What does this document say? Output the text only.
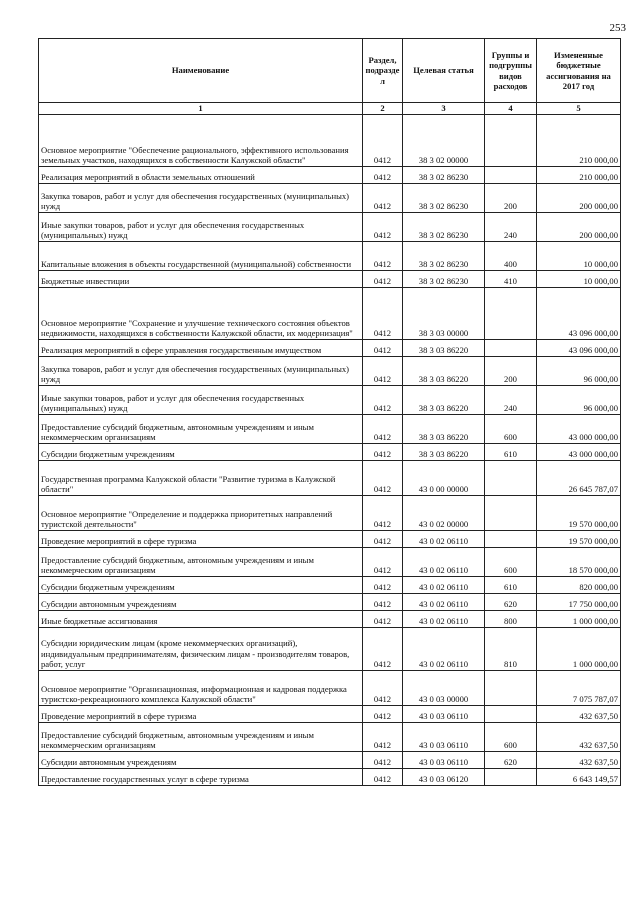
253
Наименование	Раздел, подразде л	Целевая статья	Группы и подгруппы видов расходов	Измененные бюджетные ассигнования на 2017 год
1	2	3	4	5
Основное мероприятие "Обеспечение рационального, эффективного использования земельных участков, находящихся в собственности Калужской области"	0412	38 3 02 00000		210 000,00
Реализация мероприятий в области земельных отношений	0412	38 3 02 86230		210 000,00
Закупка товаров, работ и услуг для обеспечения государственных (муниципальных) нужд	0412	38 3 02 86230	200	200 000,00
Иные закупки товаров, работ и услуг для обеспечения государственных (муниципальных) нужд	0412	38 3 02 86230	240	200 000,00
Капитальные вложения в объекты государственной (муниципальной) собственности	0412	38 3 02 86230	400	10 000,00
Бюджетные инвестиции	0412	38 3 02 86230	410	10 000,00
Основное мероприятие "Сохранение и улучшение технического состояния объектов недвижимости, находящихся в собственности Калужской области, их модернизация"	0412	38 3 03 00000		43 096 000,00
Реализация мероприятий в сфере управления государственным имуществом	0412	38 3 03 86220		43 096 000,00
Закупка товаров, работ и услуг для обеспечения государственных (муниципальных) нужд	0412	38 3 03 86220	200	96 000,00
Иные закупки товаров, работ и услуг для обеспечения государственных (муниципальных) нужд	0412	38 3 03 86220	240	96 000,00
Предоставление субсидий бюджетным, автономным учреждениям и иным некоммерческим организациям	0412	38 3 03 86220	600	43 000 000,00
Субсидии бюджетным учреждениям	0412	38 3 03 86220	610	43 000 000,00
Государственная программа Калужской области "Развитие туризма в Калужской области"	0412	43 0 00 00000		26 645 787,07
Основное мероприятие "Определение и поддержка приоритетных направлений туристской деятельности"	0412	43 0 02 00000		19 570 000,00
Проведение мероприятий в сфере туризма	0412	43 0 02 06110		19 570 000,00
Предоставление субсидий бюджетным, автономным учреждениям и иным некоммерческим организациям	0412	43 0 02 06110	600	18 570 000,00
Субсидии бюджетным учреждениям	0412	43 0 02 06110	610	820 000,00
Субсидии автономным учреждениям	0412	43 0 02 06110	620	17 750 000,00
Иные бюджетные ассигнования	0412	43 0 02 06110	800	1 000 000,00
Субсидии юридическим лицам (кроме некоммерческих организаций), индивидуальным предпринимателям, физическим лицам - производителям товаров, работ, услуг	0412	43 0 02 06110	810	1 000 000,00
Основное мероприятие "Организационная, информационная и кадровая поддержка туристско-рекреационного комплекса Калужской области"	0412	43 0 03 00000		7 075 787,07
Проведение мероприятий в сфере туризма	0412	43 0 03 06110		432 637,50
Предоставление субсидий бюджетным, автономным учреждениям и иным некоммерческим организациям	0412	43 0 03 06110	600	432 637,50
Субсидии автономным учреждениям	0412	43 0 03 06110	620	432 637,50
Предоставление государственных услуг в сфере туризма	0412	43 0 03 06120		6 643 149,57
